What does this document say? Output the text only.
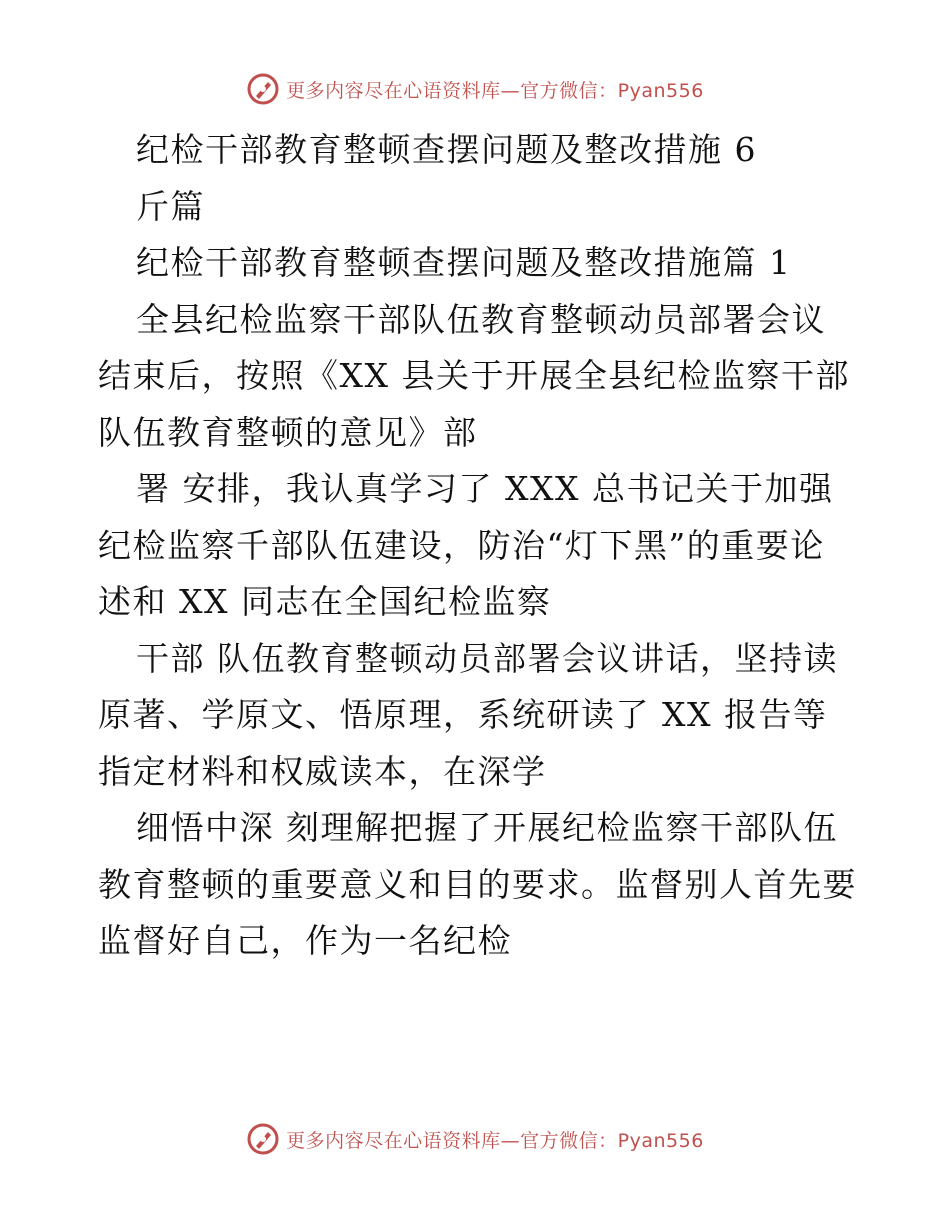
更多内容尽在心语资料库—官方微信：Pyan556

纪检干部教育整顿查摆问题及整改措施 6

斤篇

纪检干部教育整顿查摆问题及整改措施篇 1

全县纪检监察干部队伍教育整顿动员部署会议结束后，按照《XX 县关于开展全县纪检监察干部队伍教育整顿的意见》部

署 安排，我认真学习了 XXX 总书记关于加强纪检监察千部队伍建设，防治“灯下黑”的重要论述和 XX 同志在全国纪检监察

干部 队伍教育整顿动员部署会议讲话，坚持读原著、学原文、悟原理，系统研读了 XX 报告等指定材料和权威读本，在深学

细悟中深 刻理解把握了开展纪检监察干部队伍教育整顿的重要意义和目的要求。监督别人首先要监督好自己，作为一名纪检

更多内容尽在心语资料库—官方微信：Pyan556
